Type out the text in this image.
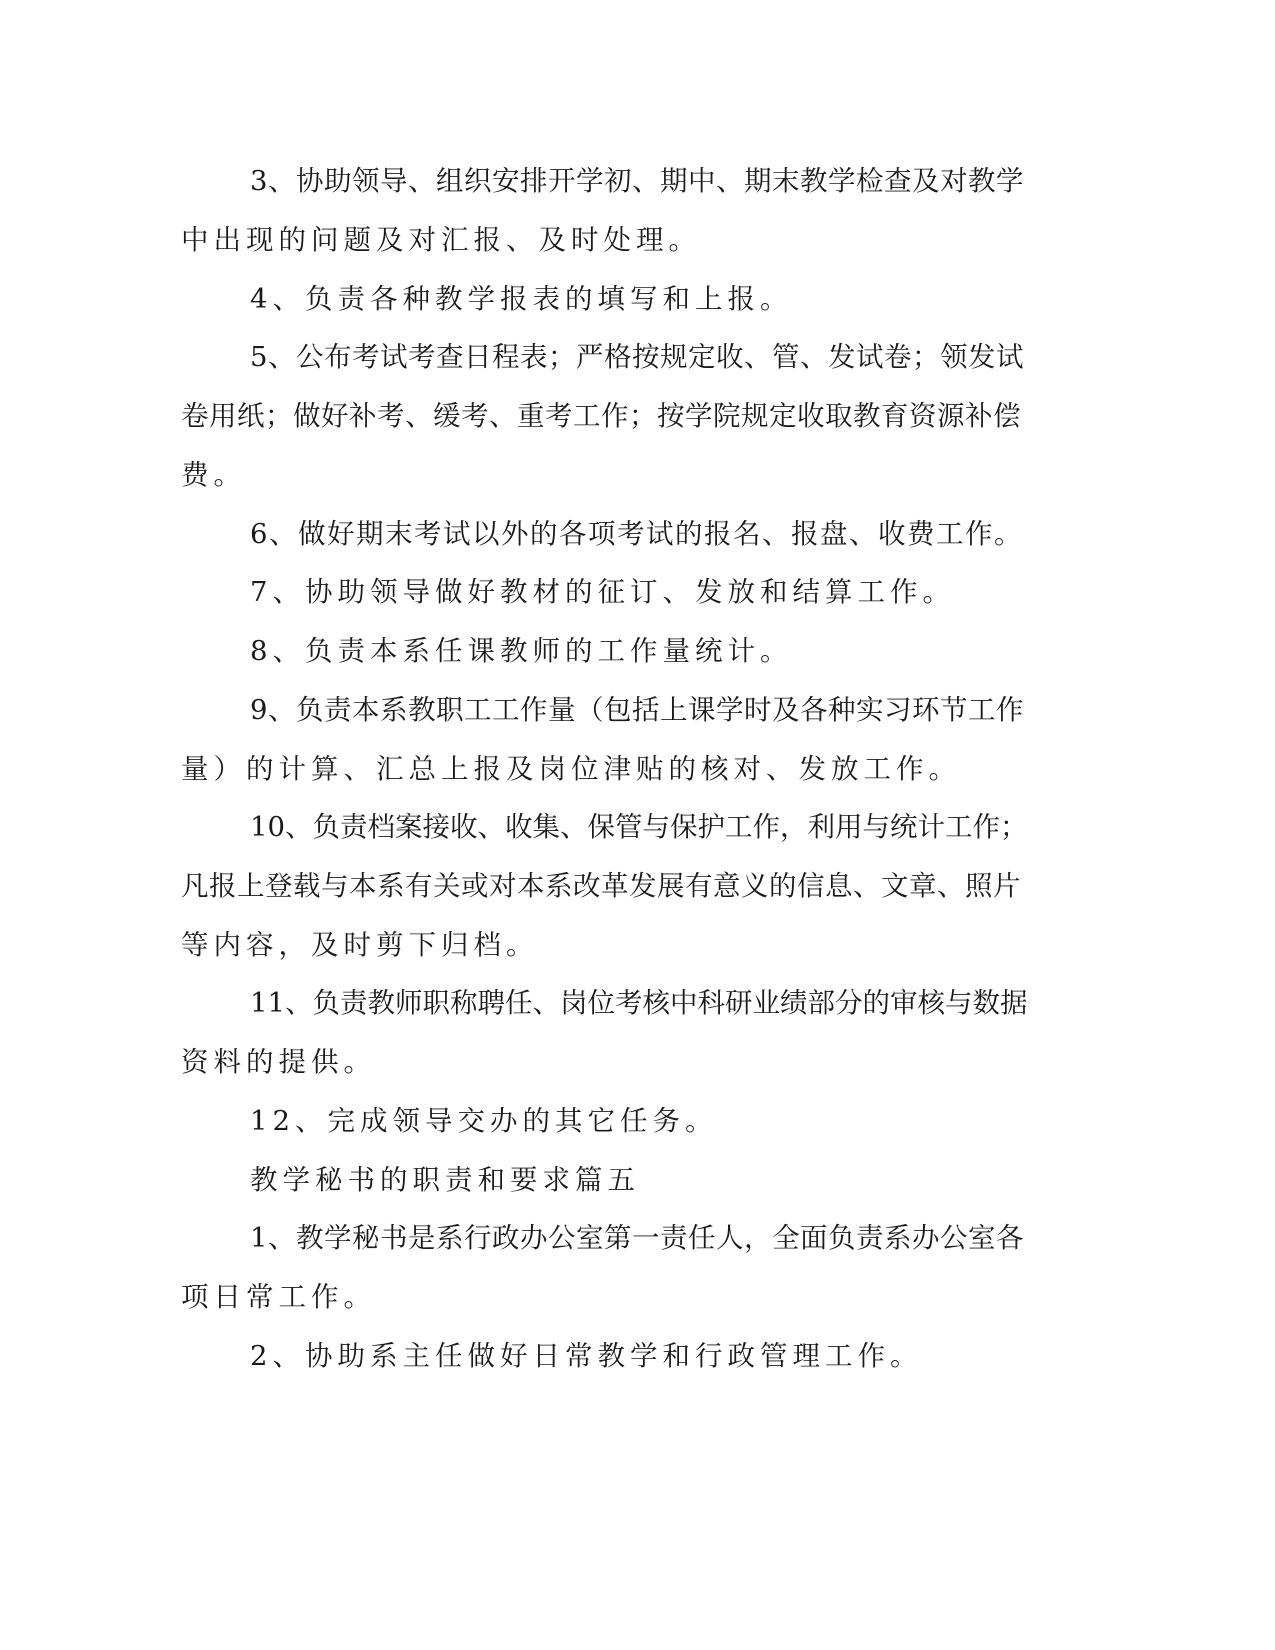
3、协助领导、组织安排开学初、期中、期末教学检查及对教学
中出现的问题及对汇报、及时处理。
4、负责各种教学报表的填写和上报。
5、公布考试考查日程表；严格按规定收、管、发试卷；领发试
卷用纸；做好补考、缓考、重考工作；按学院规定收取教育资源补偿
费。
6、做好期末考试以外的各项考试的报名、报盘、收费工作。
7、协助领导做好教材的征订、发放和结算工作。
8、负责本系任课教师的工作量统计。
9、负责本系教职工工作量（包括上课学时及各种实习环节工作
量）的计算、汇总上报及岗位津贴的核对、发放工作。
10、负责档案接收、收集、保管与保护工作，利用与统计工作；
凡报上登载与本系有关或对本系改革发展有意义的信息、文章、照片
等内容，及时剪下归档。
11、负责教师职称聘任、岗位考核中科研业绩部分的审核与数据
资料的提供。
12、完成领导交办的其它任务。
教学秘书的职责和要求篇五
1、教学秘书是系行政办公室第一责任人，全面负责系办公室各
项日常工作。
2、协助系主任做好日常教学和行政管理工作。
